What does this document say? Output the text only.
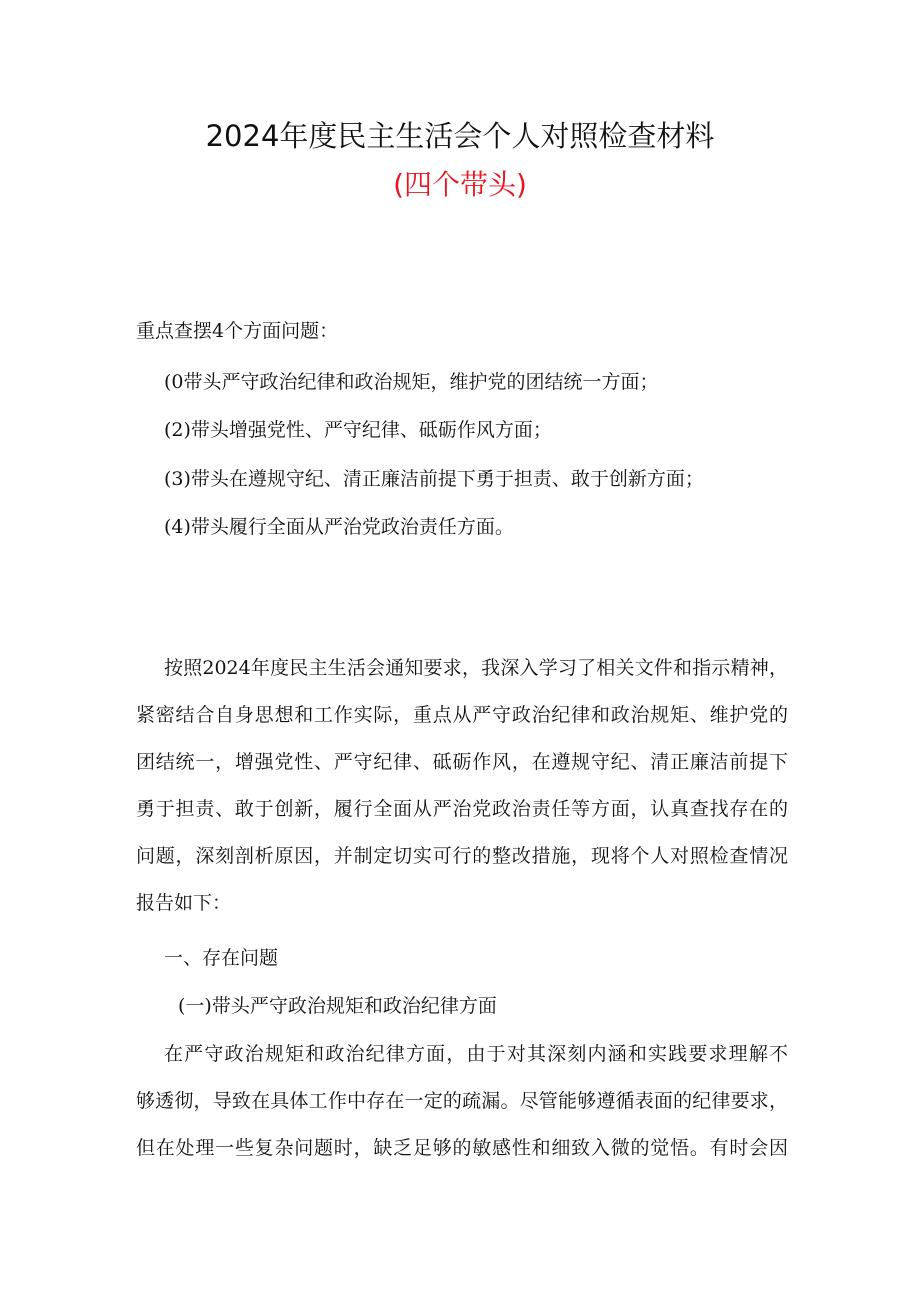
2024年度民主生活会个人对照检查材料
(四个带头)
重点查摆4个方面问题：
(0带头严守政治纪律和政治规矩，维护党的团结统一方面；
(2)带头增强党性、严守纪律、砥砺作风方面；
(3)带头在遵规守纪、清正廉洁前提下勇于担责、敢于创新方面；
(4)带头履行全面从严治党政治责任方面。
按照2024年度民主生活会通知要求，我深入学习了相关文件和指示精神，
紧密结合自身思想和工作实际，重点从严守政治纪律和政治规矩、维护党的
团结统一，增强党性、严守纪律、砥砺作风，在遵规守纪、清正廉洁前提下
勇于担责、敢于创新，履行全面从严治党政治责任等方面，认真查找存在的
问题，深刻剖析原因，并制定切实可行的整改措施，现将个人对照检查情况
报告如下：
一、存在问题
(一)带头严守政治规矩和政治纪律方面
在严守政治规矩和政治纪律方面，由于对其深刻内涵和实践要求理解不
够透彻，导致在具体工作中存在一定的疏漏。尽管能够遵循表面的纪律要求，
但在处理一些复杂问题时，缺乏足够的敏感性和细致入微的觉悟。有时会因
